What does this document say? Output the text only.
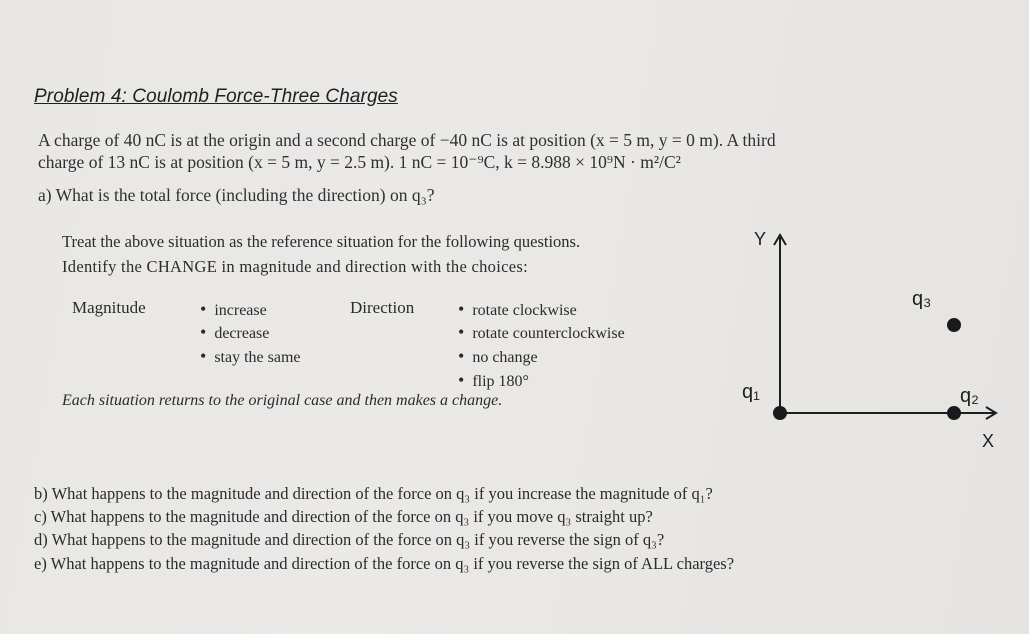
Problem 4: Coulomb Force-Three Charges
A charge of 40 nC is at the origin and a second charge of −40 nC is at position (x = 5 m, y = 0 m). A third
charge of 13 nC is at position (x = 5 m, y = 2.5 m). 1 nC = 10⁻⁹C, k = 8.988 × 10⁹N · m²/C²
a) What is the total force (including the direction) on q₃?
Treat the above situation as the reference situation for the following questions.
Identify the CHANGE in magnitude and direction with the choices:
Magnitude	• increase
• decrease
• stay the same
Direction	• rotate clockwise
• rotate counterclockwise
• no change
• flip 180°
Each situation returns to the original case and then makes a change.
b) What happens to the magnitude and direction of the force on q₃ if you increase the magnitude of q₁?
c) What happens to the magnitude and direction of the force on q₃ if you move q₃ straight up?
d) What happens to the magnitude and direction of the force on q₃ if you reverse the sign of q₃?
e) What happens to the magnitude and direction of the force on q₃ if you reverse the sign of ALL charges?
Y
X
q₁	q₂
q₃
